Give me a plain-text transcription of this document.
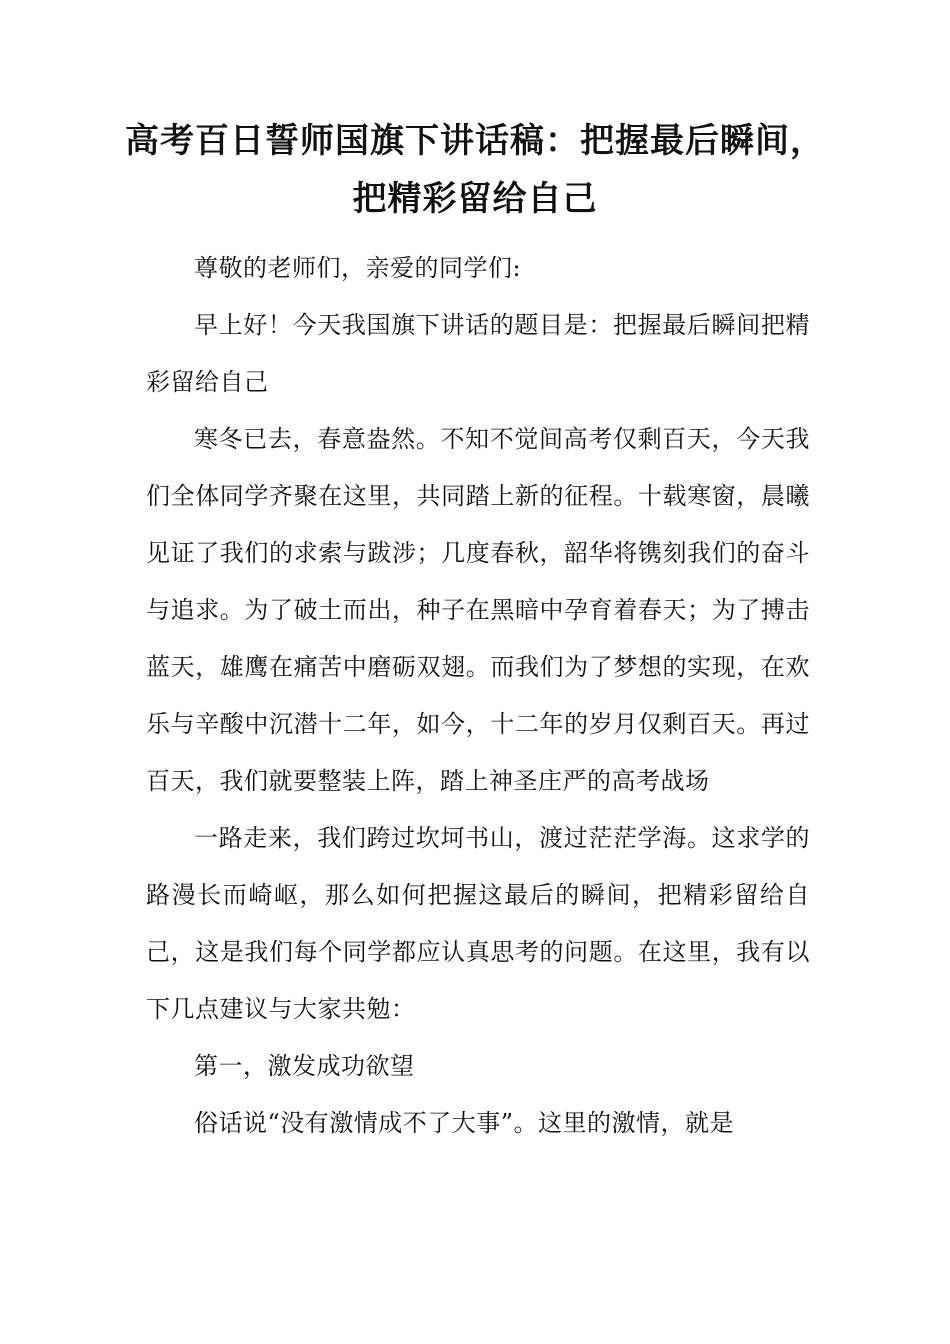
高考百日誓师国旗下讲话稿：把握最后瞬间，把精彩留给自己

尊敬的老师们，亲爱的同学们:

早上好！今天我国旗下讲话的题目是：把握最后瞬间把精彩留给自己

寒冬已去，春意盎然。不知不觉间高考仅剩百天，今天我们全体同学齐聚在这里，共同踏上新的征程。十载寒窗，晨曦见证了我们的求索与跋涉；几度春秋，韶华将镌刻我们的奋斗与追求。为了破土而出，种子在黑暗中孕育着春天；为了搏击蓝天，雄鹰在痛苦中磨砺双翅。而我们为了梦想的实现，在欢乐与辛酸中沉潜十二年，如今，十二年的岁月仅剩百天。再过百天，我们就要整装上阵，踏上神圣庄严的高考战场

一路走来，我们跨过坎坷书山，渡过茫茫学海。这求学的路漫长而崎岖，那么如何把握这最后的瞬间，把精彩留给自己，这是我们每个同学都应认真思考的问题。在这里，我有以下几点建议与大家共勉：

第一，激发成功欲望

俗话说“没有激情成不了大事”。这里的激情，就是
